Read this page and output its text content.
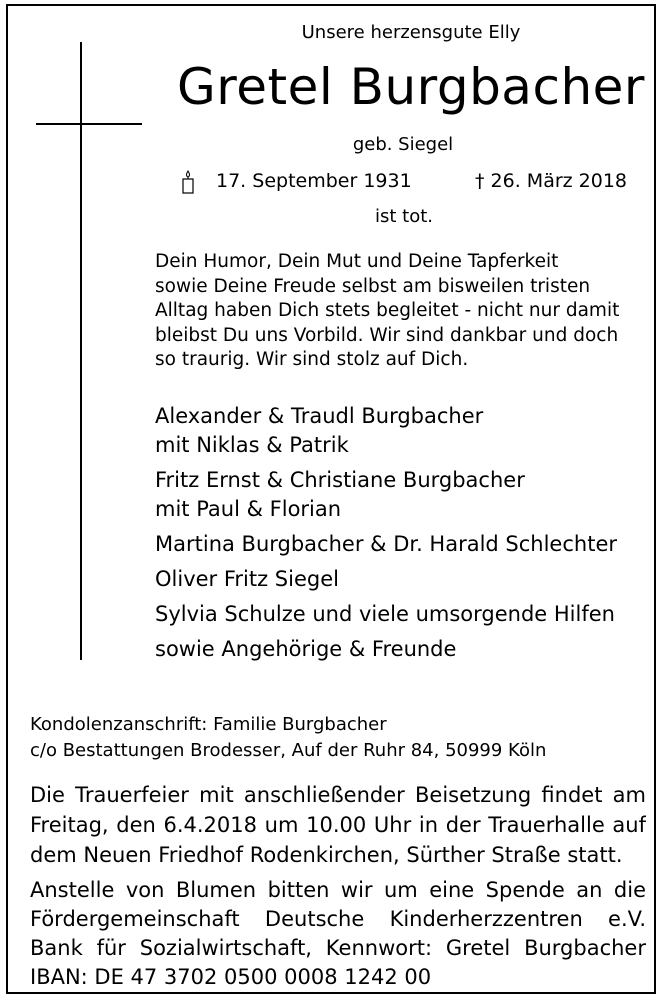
Unsere herzensgute Elly
Gretel Burgbacher
geb. Siegel
17. September 1931	† 26. März 2018
ist tot.
Dein Humor, Dein Mut und Deine Tapferkeit
sowie Deine Freude selbst am bisweilen tristen
Alltag haben Dich stets begleitet - nicht nur damit
bleibst Du uns Vorbild. Wir sind dankbar und doch
so traurig. Wir sind stolz auf Dich.
Alexander & Traudl Burgbacher
mit Niklas & Patrik
Fritz Ernst & Christiane Burgbacher
mit Paul & Florian
Martina Burgbacher & Dr. Harald Schlechter
Oliver Fritz Siegel
Sylvia Schulze und viele umsorgende Hilfen
sowie Angehörige & Freunde
Kondolenzanschrift: Familie Burgbacher
c/o Bestattungen Brodesser, Auf der Ruhr 84, 50999 Köln
Die Trauerfeier mit anschließender Beisetzung findet am
Freitag, den 6.4.2018 um 10.00 Uhr in der Trauerhalle auf
dem Neuen Friedhof Rodenkirchen, Sürther Straße statt.
Anstelle von Blumen bitten wir um eine Spende an die
Fördergemeinschaft Deutsche Kinderherzzentren e.V.
Bank für Sozialwirtschaft, Kennwort: Gretel Burgbacher
IBAN: DE 47 3702 0500 0008 1242 00
